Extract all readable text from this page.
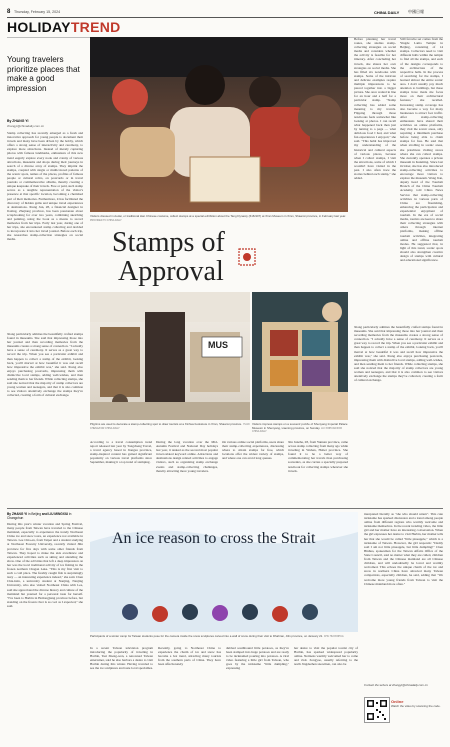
8 Thursday, February 15, 2024	CHINA DAILY 中國日報
HOLIDAYTREND
Young travelers prioritize places that make a good impression
By ZHANG YI
zhangyi@chinadaily.com.cn
Stamp collecting has recently emerged as a fresh and innovative approach for young people to document their travels and many have been driven by the hobby, which offers a strong sense of interactivity and ceremony, to explore more attractions. Instead of merely capturing photos with famous landmarks, enthusiasts of this new trend eagerly explore every nook and cranny of various attractions, museums and shops during their journeys in search of a diverse array of stamps. They imprint the stamps, coupled with single or multicolored patterns of the scenic spots, names of the places, profiles of famous people or cultural relics, on postcards or in travel journals or commemorative albums, thereby creating a unique keepsake of their travels. Free or paid, such stamp serves as a tangible representation of the visitor's presence at that specific location, becoming a cherished part of their memories. Furthermore, it has facilitated the discovery of hidden gems and unique travel experiences at destinations. Xiang Jun, 28, a financial designer in Jiaxing, Zhejiang province, has been passionate about scrapbooking for over two years, combining sketching and painting, using the book as a means to record memories from her trips. Early last year, during one of her trips, she encountered stamp collecting and decided to incorporate it into her travel journal. Before each trip, she researches stamp-collection strategies on social media.
Xiang particularly admires the beautifully crafted stamps found in museums. She said that impressing those into her journal and then recording memories from the museums creates a strong sense of connection. "I actually have a sense of ceremony. It serves as a great way to record the trip. When you see a particular exhibit and then happen to collect a stamp of the exhibit, looking back, you'll marvel at how beautiful it was and recall how impressive the exhibit was," she said. Xiang also enjoys purchasing postcards, impressing them with distinctive local stamps, adding well-wishes, and then sending them to her friends. While collecting stamps, she said she noticed that the majority of stamp collectors are young women and teenagers, and that it is also common to see visitors attentively exchange the stamps they've collected, creating a form of cultural exchange.
Visitors dressed in Aodai, or traditional Han Chinese costume, collect stamps at a special exhibition about the Tang Dynasty (618-907) at Xi'an Museum in Xi'an, Shaanxi province, in February last year. PROVIDED TO CHINA DAILY
Stamps of
Approval
Before planning her travel routes, she studies stamp-collecting strategies on social media and considers whether the activity is feasible for her itinerary. After concluding her travels, she shares her own strategies on social media. She has filled six notebooks with stamps. Some of the intricate and delicate examples require multiple impressions to be pieced together into a bigger picture. She once waited in line for an hour and a half for a particular stamp. "Stamp collecting has added some meaning to my travels. Flipping through those notebooks feels somewhat like looking at photos. I can recall what happened back then just by turning to a page — what delicious food I had, and what fun experiences I enjoyed," she said. "This habit has improved my understanding of the historical and cultural aspects of various places, because when I collect stamps, I visit the attractions, some of which I wouldn't have visited in the past. I also often trace the stories behind each stamp," she added.
Still favorite set comes from the Yingde Lama Temple in Beijing, consisting of 14 stamps. Collectors need to visit different halls within the temple to find all the stamps, and each of the designs corresponds to the architecture of the respective halls. In the process of searching for the stamps, I learned almost the entire scenic area. I don't usually pay much attention to buildings, but these stamps have made me focus more on their architectural features," she recalled. Increasing stamp coverage has also become a way for many businesses to attract foot traffic. After stamp-collecting enthusiasts have shared their activities on online platforms, they visit the scenic areas, only requiring a minimum purchase before being able to claim stamps for free. He said that when strolling in scenic areas, she prioritizes visiting stores where she can collect stamps. She currently operates a private museum in Kunming. Since last October, she has also introduced stamp-collecting activities to encourage more visitors to explore the museum. Wang Jian, deputy head of the Tourism Branch of the China Tourism Academy, told China News Service that stamp-collecting activities in various parts of China are flourishing, enhancing the participation and experiential enjoyment of tourism. In the era of social media, tourists are keen to share their collecting strategies with others through internet platforms, making offline tourism activities, integrating online and offline tourism modes. He suggested that, in light of this trend, scenic spots should also strengthen creative design of stamps with cultural and educational significance.
Xiang particularly admires the beautifully crafted stamps found in museums. She said that impressing those into her journal and then recording memories from the museums creates a strong sense of connection. "I actually have a sense of ceremony. It serves as a great way to record the trip. When you see a particular exhibit and then happen to collect a stamp of the exhibit, looking back, you'll marvel at how beautiful it was and recall how impressive the exhibit was," she said. Xiang also enjoys purchasing postcards, impressing them with distinctive local stamps, adding well-wishes, and then sending them to her friends. While collecting stamps, she said she noticed that the majority of stamp collectors are young women and teenagers, and that it is also common to see visitors attentively exchange the stamps they've collected, creating a form of cultural exchange.
MUS
Pilgrims are used to decorate a stamp-collecting spot to draw tourists at a Xinhua bookstore in Xi'an, Shaanxi province. YUAN CHENG/FOR CHINA DAILY
Visitors impress stamps on a souvenir puzzle of Shenyang Imperial Palace Museum in Shenyang, Liaoning province, on Sunday. LIU XINHUAN/FOR CHINA DAILY
According to a travel consumption trend report released last year by Tongcheng Travel, a travel agency based in Jiangsu province, stamp-inspired content has gained significant popularity on various travel platforms since September, making it a top trend of stamping.
During the long vacation over the Mid-Autumn Festival and National Day holidays last year, it ranked as the second most popular travel-related keyword online. Attractions and destinations design related activities to engage visitors, such as organizing stamp exchange events and stamp-collecting challenges, thereby attracting more young travelers.
On various online social platforms, users share their stamp-collecting experiences, discussing where to obtain stamps for free, which locations offer the widest variety of stamps, and where one can avoid long queues.
Xin Junzha, 28, from Yunnan province, came across stamp collecting from many ago while traveling in Wuhan, Hubei province. She found it to be a better way of commemorating her travels than purchasing souvenirs, as she carries a specially prepared notebook for collecting stamps wherever she travels.
By ZHANG YI in Beijing and LIU MINGXIU in Changchun
During this year's winter vacation and Spring Festival, many people from Taiwan have traveled to the Chinese mainland, especially to experience the trendy Northeast China ice and snow tours, an experience not available in Taiwan. Lee Chia-en, from Taipei and a student studying at Northeast Forestry University, recently visited Jilin province for five days with some other friends from Taiwan. They hoped to make the skis excellence and experienced activities such as skiing and attending the show. One of the activities that left a deep impression on her was the local traditional activity of ice fishing in the frozen northern Chagan Lake. "This is my first visit to such a cold place. The freshly caught fish is surprisingly tasty — an interesting experience indeed," she said. Chen Chia-hsin, a university student at Nanjing, Nanjing University, who also visited Northeast China with Lee, said she appreciated the diverse history and culture of the mainland but yearned for a personal taste for herself. "I've been to Harbin in Heilongjiang province before, but standing on the frozen river is as cool as I expected," she said.
An ice reason to cross the Strait
Participants of a winter camp for Taiwan students pose for the camera inside the snow sculptures carved into a wall of snow during their visit to Dhahran, Jilin province, on January 21. CHU HUI/XINHUA
In a recent Taiwan television program introducing the popularity of traveling in Harbin, Tsai Zheng-wen, a renowned Taiwan entertainer, said he also harbors a desire to visit Harbin during this winter. Having traveled to see the ice sculptures and taste local specialties.
Recently, going to Northeast China to experience the charm of ice and snow has become a hot trend, attracting many tourists from the southern parts of China. They have been affectionately
dubbed southbound little potatoes, as they've been stamped into huge potatoes and are ready to be nicknamed pouring into potatoes. A viral video featuring a little girl from Taiwan, who goes by the nickname "little dumpling," expressing
her desire to visit the popular tourist city of Harbin, has sparked widespread popularity online. Netizens warmly welcomed her to come and visit. Zongyao, usually referring to the north Jingdezhen snowmen, can also be
interpreted literally as "she who should return". This cute nickname has sparked discussion and a trend among people online from different regions who warmly welcome and nickname themselves. In the recent trending video, the little girl and her mother have an interesting conversation. When the girl expresses her desire to visit Harbin, her mother tells her that she would be called "little pineapple," which is a nickname of Taiwan. However, the girl responds: "Daddy said I am not little pineapple, but little dumpling!" Chen Binhua, spokesman for the Taiwan Affairs Office of the State Council, said no matter what they are called, children from Taiwan and the Chinese mainland are all Chinese children, and will undoubtedly be loved and warmly welcomed. This echoes the unique charm of the ice and snow in northern China have attracted many Taiwan compatriots, especially children, he said, adding that "We welcome more young friends from Taiwan to visit the Chinese mainland more often."
Contact the writers at zhangyi@chinadaily.com.cn
Online
Watch the video by scanning the code.
